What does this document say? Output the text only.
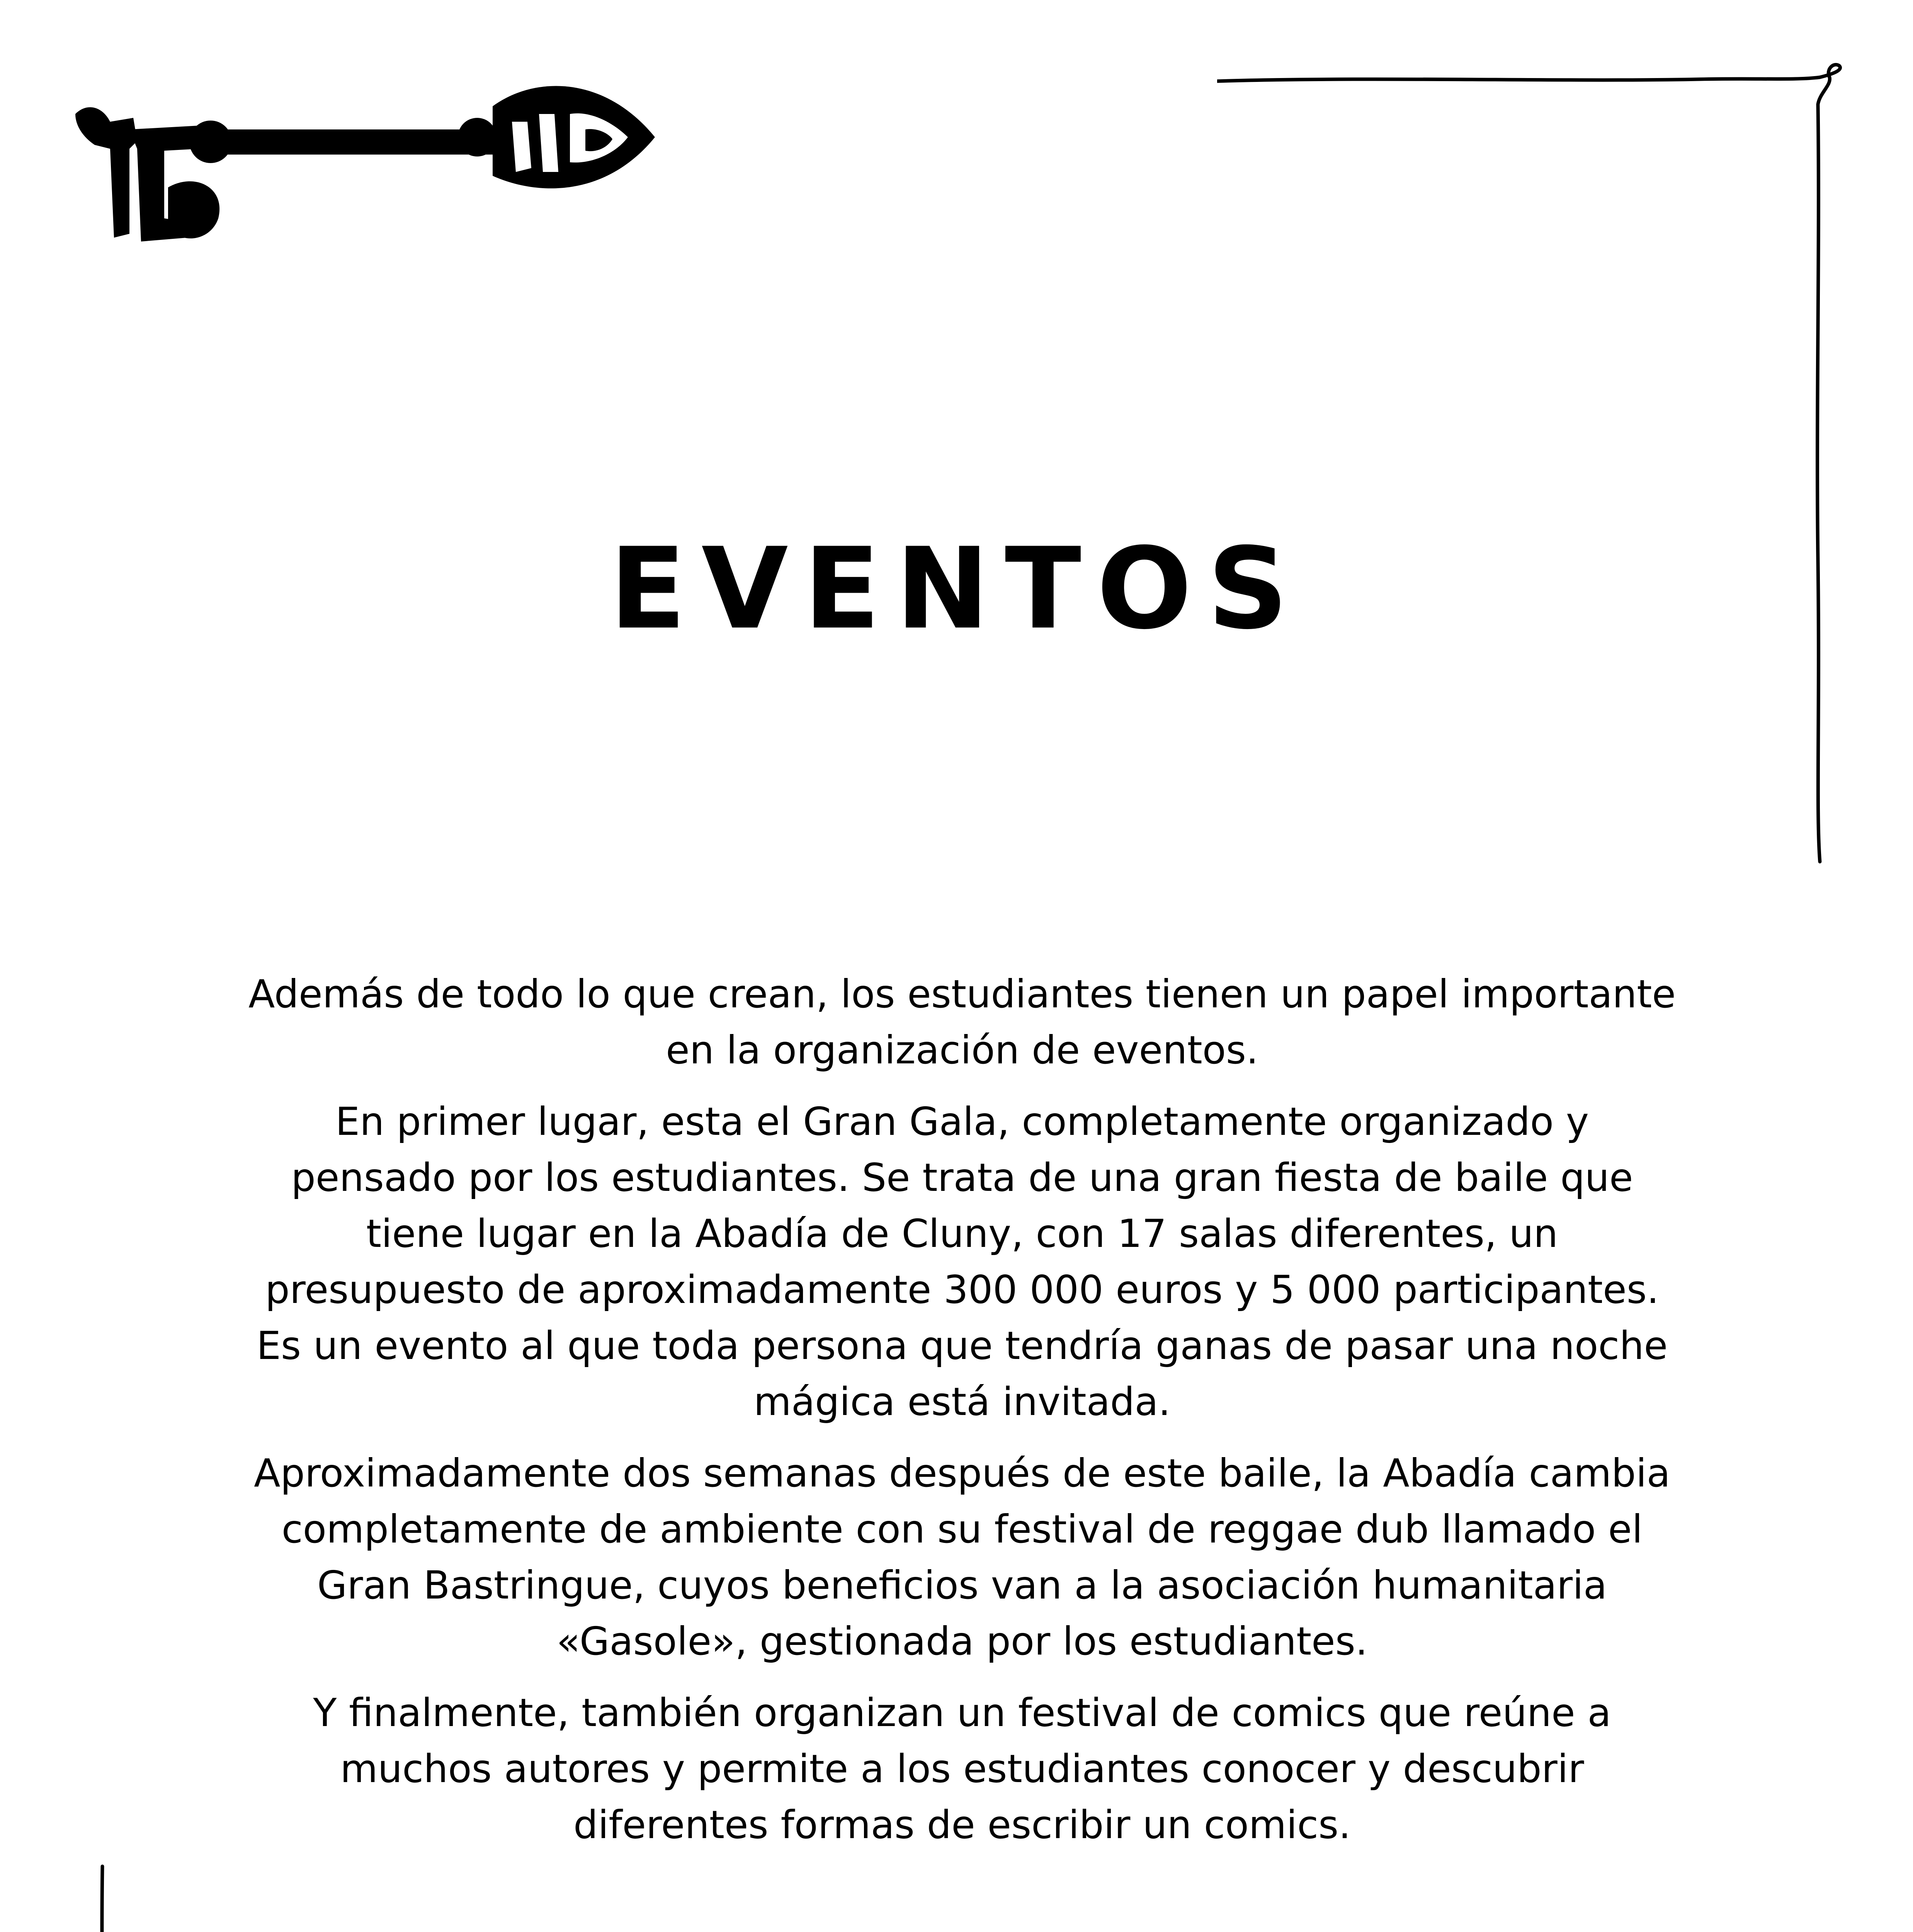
EVENTOS

Además de todo lo que crean, los estudiantes tienen un papel importante en la organización de eventos.

En primer lugar, esta el Gran Gala, completamente organizado y pensado por los estudiantes. Se trata de una gran fiesta de baile que tiene lugar en la Abadía de Cluny, con 17 salas diferentes, un presupuesto de aproximadamente 300 000 euros y 5 000 participantes. Es un evento al que toda persona que tendría ganas de pasar una noche mágica está invitada.

Aproximadamente dos semanas después de este baile, la Abadía cambia completamente de ambiente con su festival de reggae dub llamado el Gran Bastringue, cuyos beneficios van a la asociación humanitaria «Gasole», gestionada por los estudiantes.

Y finalmente, también organizan un festival de comics que reúne a muchos autores y permite a los estudiantes conocer y descubrir diferentes formas de escribir un comics.
